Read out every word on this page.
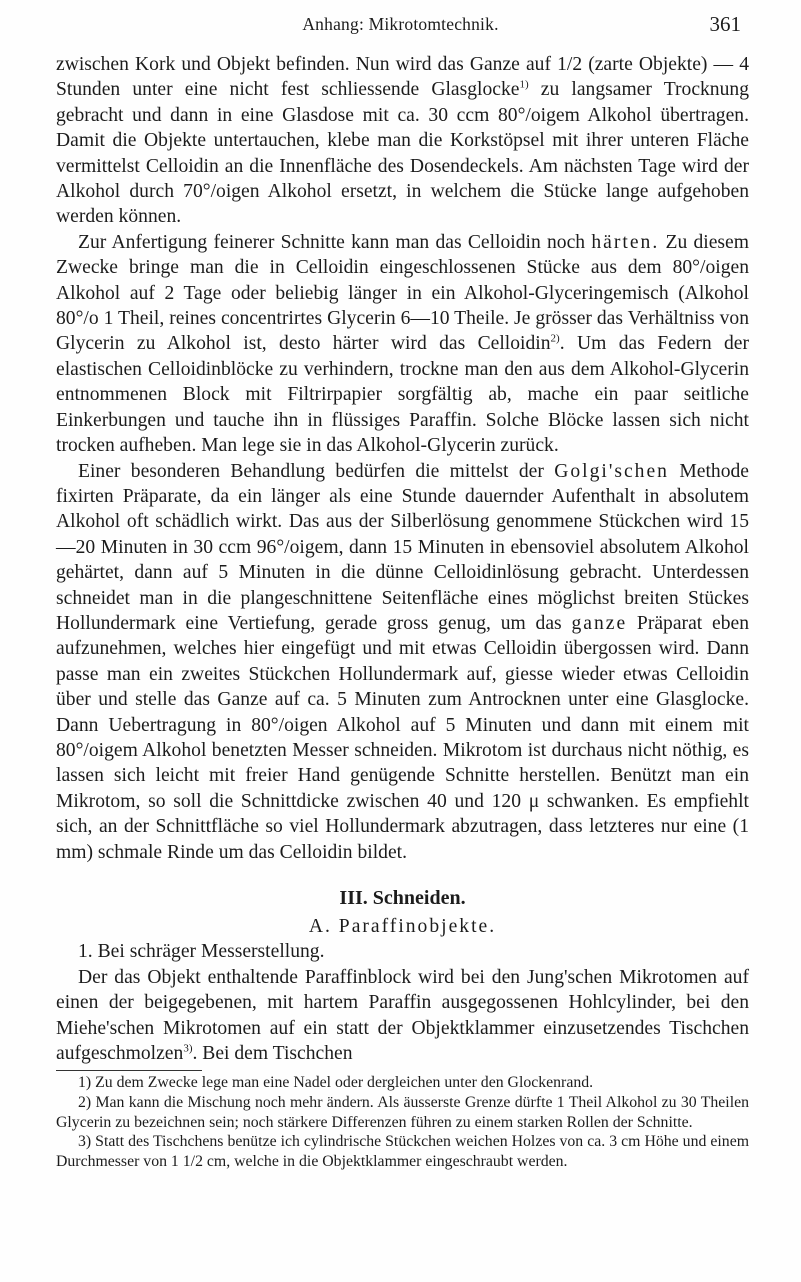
Anhang: Mikrotomtechnik.	361

zwischen Kork und Objekt befinden. Nun wird das Ganze auf 1/2 (zarte Objekte) — 4 Stunden unter eine nicht fest schliessende Glasglocke$^{1)}$ zu langsamer Trocknung gebracht und dann in eine Glasdose mit ca. 30 ccm 80°/oigem Alkohol übertragen. Damit die Objekte untertauchen, klebe man die Korkstöpsel mit ihrer unteren Fläche vermittelst Celloidin an die Innenfläche des Dosendeckels. Am nächsten Tage wird der Alkohol durch 70°/oigen Alkohol ersetzt, in welchem die Stücke lange aufgehoben werden können.

Zur Anfertigung feinerer Schnitte kann man das Celloidin noch härten. Zu diesem Zwecke bringe man die in Celloidin eingeschlossenen Stücke aus dem 80°/oigen Alkohol auf 2 Tage oder beliebig länger in ein Alkohol-Glyceringemisch (Alkohol 80°/o 1 Theil, reines concentrirtes Glycerin 6—10 Theile. Je grösser das Verhältniss von Glycerin zu Alkohol ist, desto härter wird das Celloidin$^{2)}$. Um das Federn der elastischen Celloidinblöcke zu verhindern, trockne man den aus dem Alkohol-Glycerin entnommenen Block mit Filtrirpapier sorgfältig ab, mache ein paar seitliche Einkerbungen und tauche ihn in flüssiges Paraffin. Solche Blöcke lassen sich nicht trocken aufheben. Man lege sie in das Alkohol-Glycerin zurück.

Einer besonderen Behandlung bedürfen die mittelst der Golgi'schen Methode fixirten Präparate, da ein länger als eine Stunde dauernder Aufenthalt in absolutem Alkohol oft schädlich wirkt. Das aus der Silberlösung genommene Stückchen wird 15—20 Minuten in 30 ccm 96°/oigem, dann 15 Minuten in ebensoviel absolutem Alkohol gehärtet, dann auf 5 Minuten in die dünne Celloidinlösung gebracht. Unterdessen schneidet man in die plangeschnittene Seitenfläche eines möglichst breiten Stückes Hollundermark eine Vertiefung, gerade gross genug, um das ganze Präparat eben aufzunehmen, welches hier eingefügt und mit etwas Celloidin übergossen wird. Dann passe man ein zweites Stückchen Hollundermark auf, giesse wieder etwas Celloidin über und stelle das Ganze auf ca. 5 Minuten zum Antrocknen unter eine Glasglocke. Dann Uebertragung in 80°/oigen Alkohol auf 5 Minuten und dann mit einem mit 80°/oigem Alkohol benetzten Messer schneiden. Mikrotom ist durchaus nicht nöthig, es lassen sich leicht mit freier Hand genügende Schnitte herstellen. Benützt man ein Mikrotom, so soll die Schnittdicke zwischen 40 und 120 μ schwanken. Es empfiehlt sich, an der Schnittfläche so viel Hollundermark abzutragen, dass letzteres nur eine (1 mm) schmale Rinde um das Celloidin bildet.

III. Schneiden.
A. Paraffinobjekte.

1. Bei schräger Messerstellung.

Der das Objekt enthaltende Paraffinblock wird bei den Jung'schen Mikrotomen auf einen der beigegebenen, mit hartem Paraffin ausgegossenen Hohlcylinder, bei den Miehe'schen Mikrotomen auf ein statt der Objektklammer einzusetzendes Tischchen aufgeschmolzen$^{3)}$. Bei dem Tischchen

1) Zu dem Zwecke lege man eine Nadel oder dergleichen unter den Glockenrand.

2) Man kann die Mischung noch mehr ändern. Als äusserste Grenze dürfte 1 Theil Alkohol zu 30 Theilen Glycerin zu bezeichnen sein; noch stärkere Differenzen führen zu einem starken Rollen der Schnitte.

3) Statt des Tischchens benütze ich cylindrische Stückchen weichen Holzes von ca. 3 cm Höhe und einem Durchmesser von 1 1/2 cm, welche in die Objektklammer eingeschraubt werden.
